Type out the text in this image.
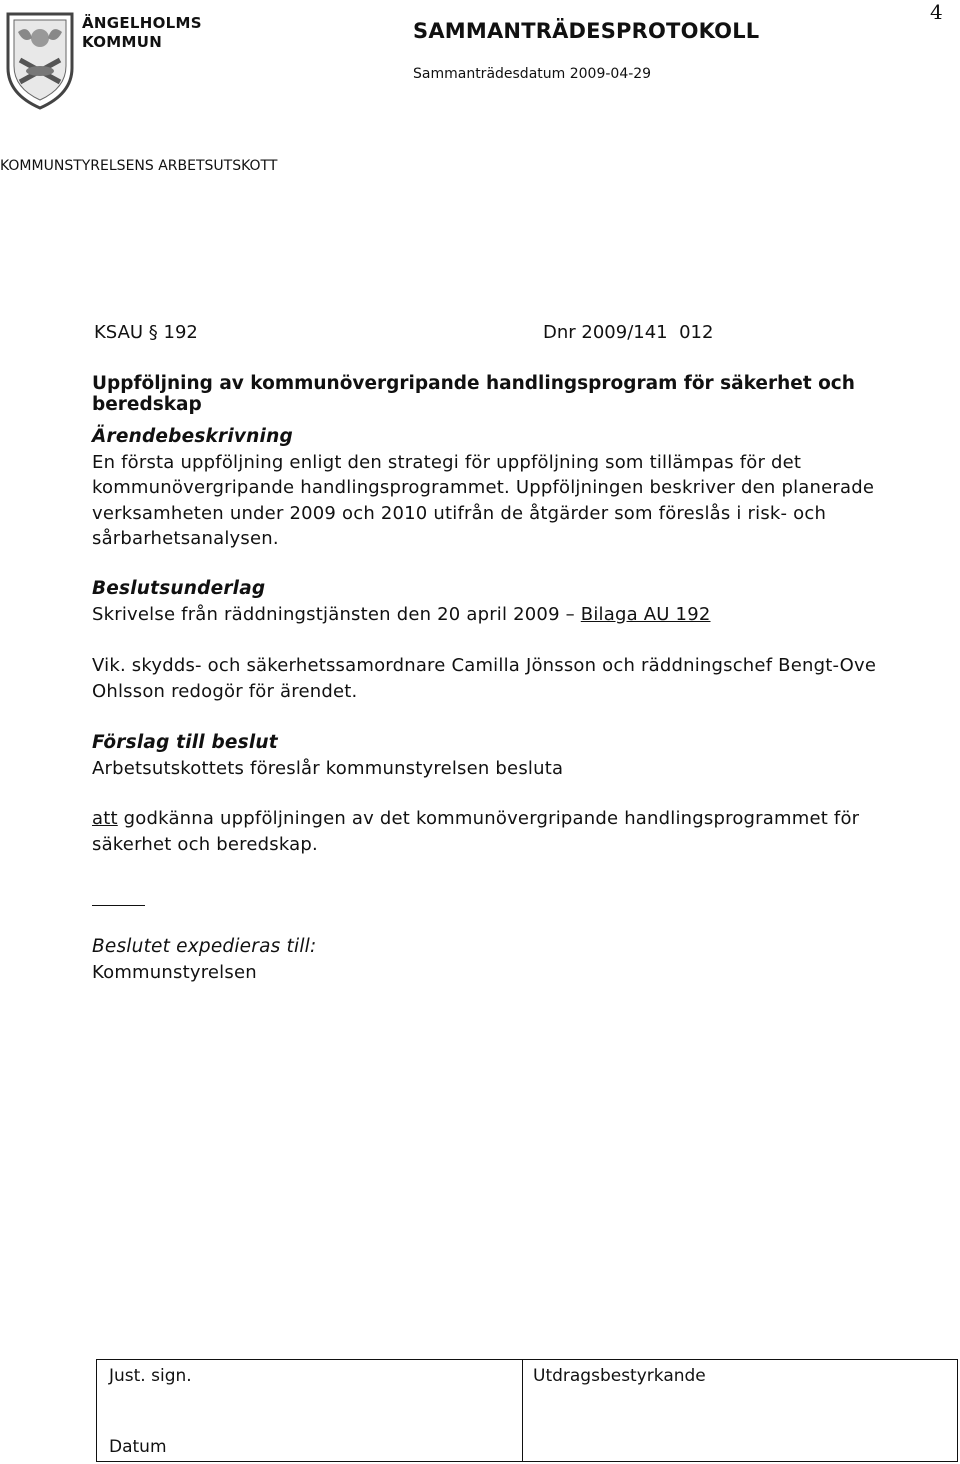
ÄNGELHOLMS
KOMMUN
4
SAMMANTRÄDESPROTOKOLL
Sammanträdesdatum 2009-04-29
KOMMUNSTYRELSENS ARBETSUTSKOTT
KSAU § 192	Dnr 2009/141  012
Uppföljning av kommunövergripande handlingsprogram för säkerhet och beredskap
Ärendebeskrivning
En första uppföljning enligt den strategi för uppföljning som tillämpas för det kommunövergripande handlingsprogrammet. Uppföljningen beskriver den planerade verksamheten under 2009 och 2010 utifrån de åtgärder som föreslås i risk- och sårbarhetsanalysen.
Beslutsunderlag
Skrivelse från räddningstjänsten den 20 april 2009 – Bilaga AU 192
Vik. skydds- och säkerhetssamordnare Camilla Jönsson och räddningschef Bengt-Ove Ohlsson redogör för ärendet.
Förslag till beslut
Arbetsutskottets föreslår kommunstyrelsen besluta
att godkänna uppföljningen av det kommunövergripande handlingsprogrammet för säkerhet och beredskap.
Beslutet expedieras till:
Kommunstyrelsen
Just. sign.
Datum

Utdragsbestyrkande
